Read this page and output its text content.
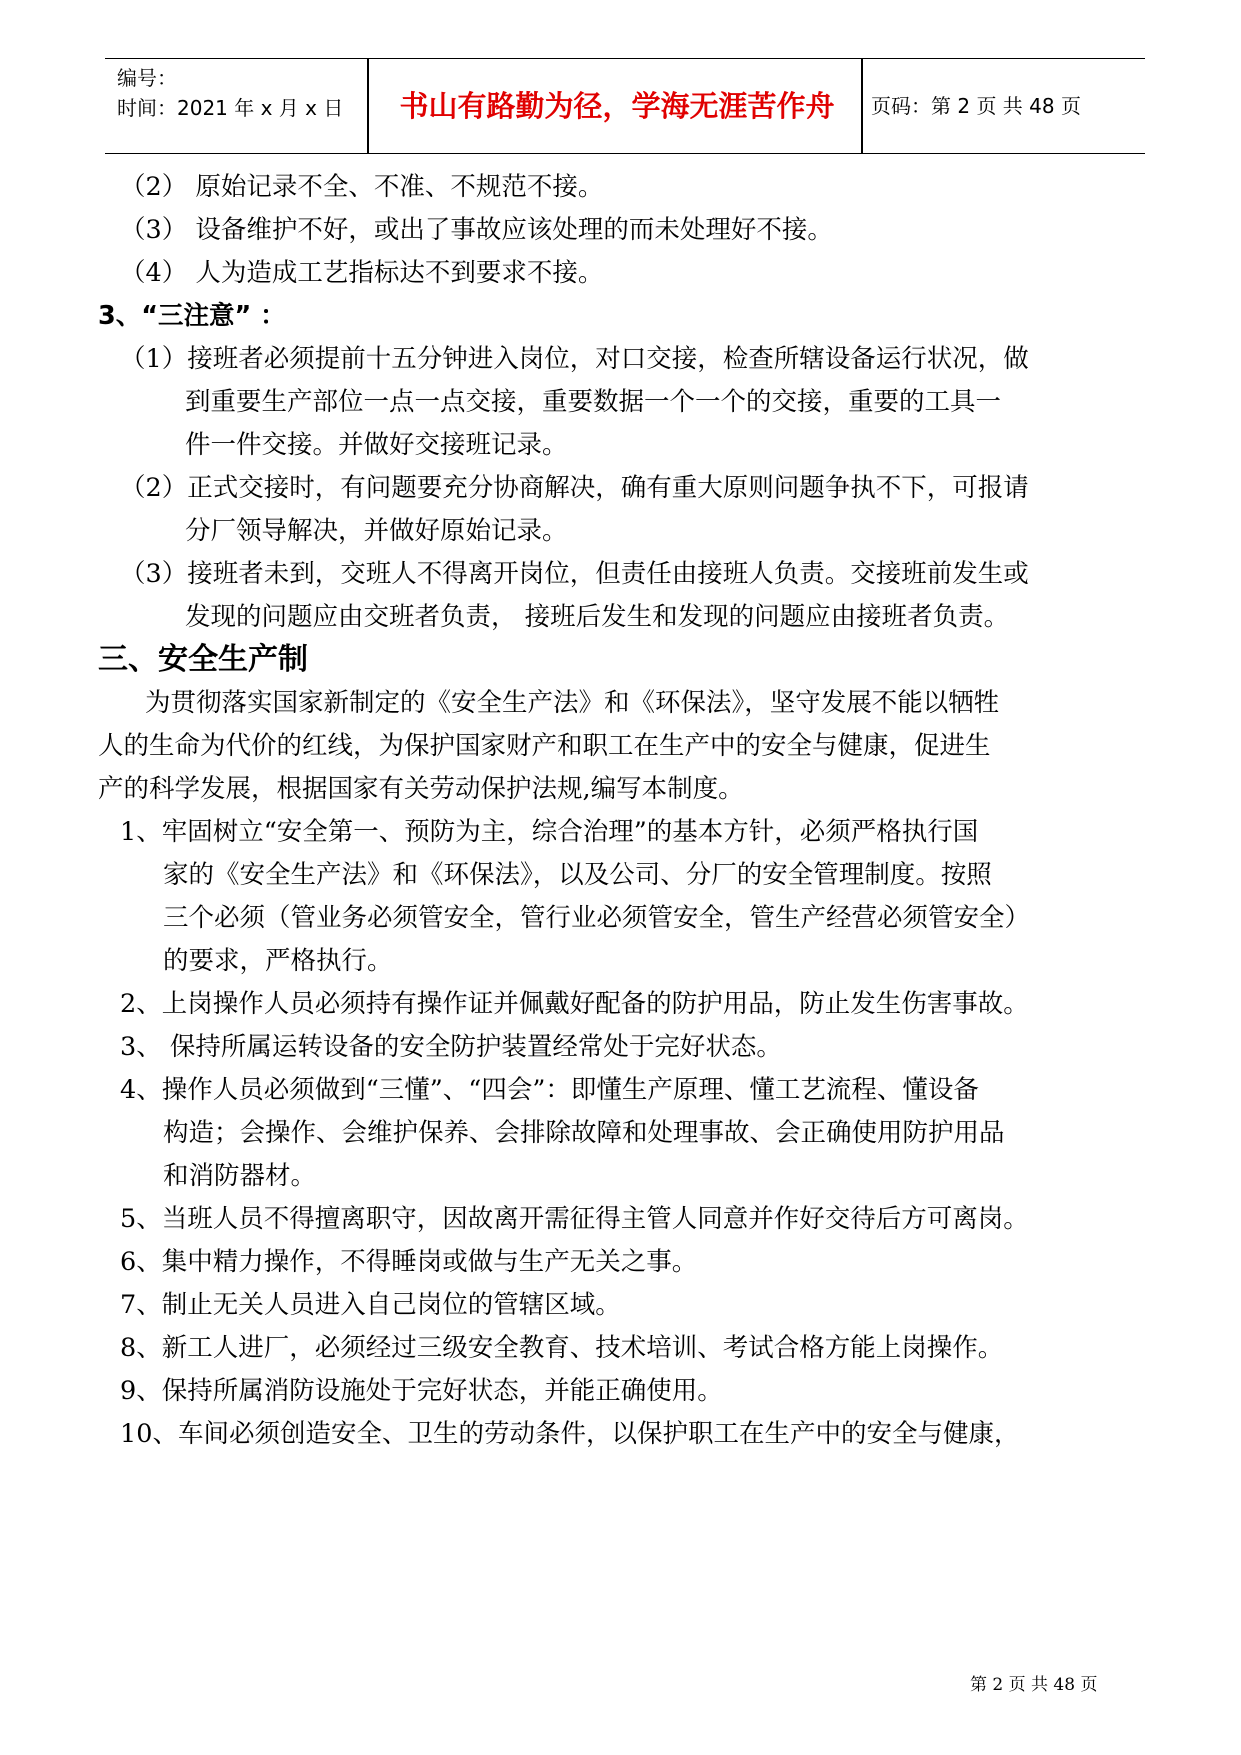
编号：
时间：2021 年 x 月 x 日	书山有路勤为径，学海无涯苦作舟	页码：第 2 页 共 48 页
（2） 原始记录不全、不准、不规范不接。
（3） 设备维护不好，或出了事故应该处理的而未处理好不接。
（4） 人为造成工艺指标达不到要求不接。
3、“三注意” ：
（1）接班者必须提前十五分钟进入岗位，对口交接，检查所辖设备运行状况，做
到重要生产部位一点一点交接，重要数据一个一个的交接，重要的工具一
件一件交接。并做好交接班记录。
（2）正式交接时，有问题要充分协商解决，确有重大原则问题争执不下，可报请
分厂领导解决，并做好原始记录。
（3）接班者未到，交班人不得离开岗位，但责任由接班人负责。交接班前发生或
发现的问题应由交班者负责， 接班后发生和发现的问题应由接班者负责。
三、安全生产制
为贯彻落实国家新制定的《安全生产法》和《环保法》，坚守发展不能以牺牲
人的生命为代价的红线，为保护国家财产和职工在生产中的安全与健康，促进生
产的科学发展，根据国家有关劳动保护法规,编写本制度。
1、牢固树立“安全第一、预防为主，综合治理”的基本方针，必须严格执行国
家的《安全生产法》和《环保法》，以及公司、分厂的安全管理制度。按照
三个必须（管业务必须管安全，管行业必须管安全，管生产经营必须管安全）
的要求，严格执行。
2、上岗操作人员必须持有操作证并佩戴好配备的防护用品，防止发生伤害事故。
3、 保持所属运转设备的安全防护装置经常处于完好状态。
4、操作人员必须做到“三懂”、“四会”：即懂生产原理、懂工艺流程、懂设备
构造；会操作、会维护保养、会排除故障和处理事故、会正确使用防护用品
和消防器材。
5、当班人员不得擅离职守，因故离开需征得主管人同意并作好交待后方可离岗。
6、集中精力操作，不得睡岗或做与生产无关之事。
7、制止无关人员进入自己岗位的管辖区域。
8、新工人进厂，必须经过三级安全教育、技术培训、考试合格方能上岗操作。
9、保持所属消防设施处于完好状态，并能正确使用。
10、车间必须创造安全、卫生的劳动条件，以保护职工在生产中的安全与健康，
第 2 页 共 48 页
